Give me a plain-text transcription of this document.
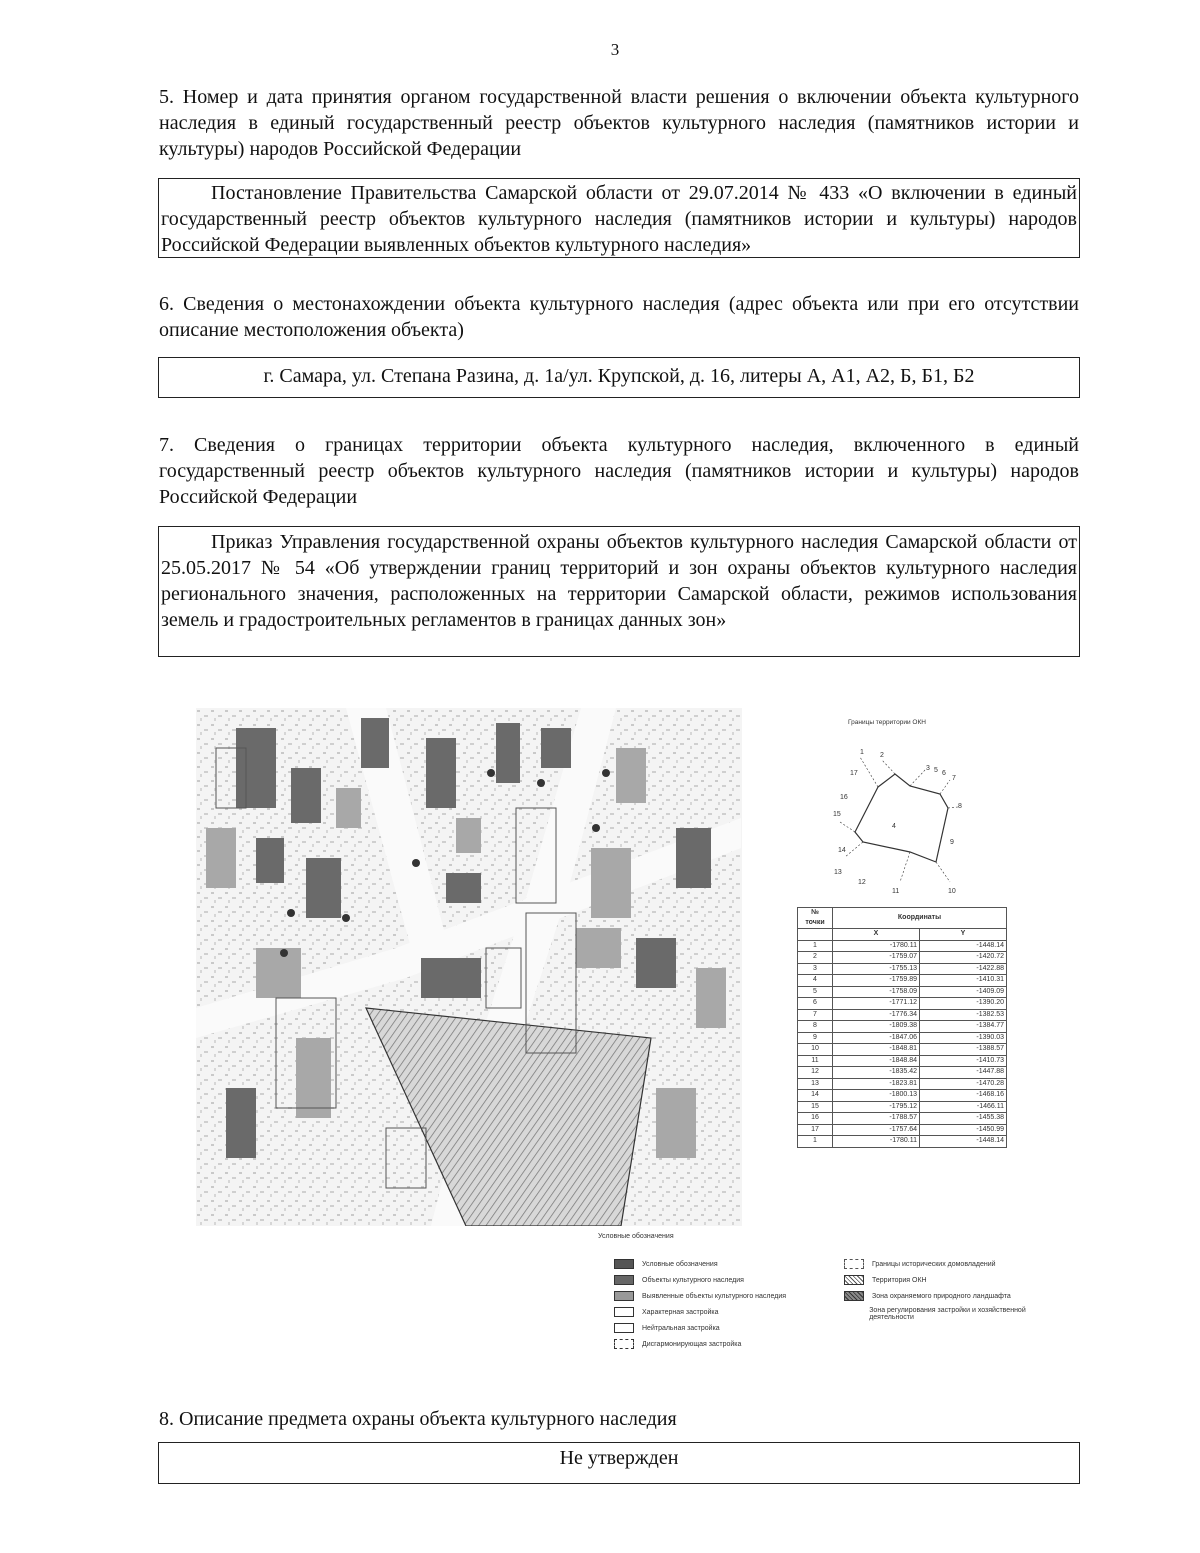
3
5. Номер и дата принятия органом государственной власти решения о включении объекта культурного наследия в единый государственный реестр объектов культурного наследия (памятников истории и культуры) народов Российской Федерации
Постановление Правительства Самарской области от 29.07.2014 № 433 «О включении в единый государственный реестр объектов культурного наследия (памятников истории и культуры) народов Российской Федерации выявленных объектов культурного наследия»
6. Сведения о местонахождении объекта культурного наследия (адрес объекта или при его отсутствии описание местоположения объекта)
г. Самара, ул. Степана Разина, д. 1а/ул. Крупской, д. 16, литеры А, А1, А2, Б, Б1, Б2
7. Сведения о границах территории объекта культурного наследия, включенного в единый государственный реестр объектов культурного наследия (памятников истории и культуры) народов Российской Федерации
Приказ Управления государственной охраны объектов культурного наследия Самарской области от 25.05.2017 № 54 «Об утверждении границ территорий и зон охраны объектов культурного наследия регионального значения, расположенных на территории Самарской области, режимов использования земель и градостроительных регламентов в границах данных зон»
Границы территории ОКН
1 2
3 5 6
7
8
9
10
11
12
13
14
15
16
17
4
№
точки	Координаты	
	X	Y
1	-1780.11	-1448.14
2	-1759.07	-1420.72
3	-1755.13	-1422.88
4	-1759.89	-1410.31
5	-1758.09	-1409.09
6	-1771.12	-1390.20
7	-1776.34	-1382.53
8	-1809.38	-1384.77
9	-1847.06	-1390.03
10	-1848.81	-1388.57
11	-1848.84	-1410.73
12	-1835.42	-1447.88
13	-1823.81	-1470.28
14	-1800.13	-1468.16
15	-1795.12	-1466.11
16	-1788.57	-1455.38
17	-1757.64	-1450.99
1	-1780.11	-1448.14
Условные обозначения
Условные обозначения
Объекты культурного наследия
Выявленные объекты культурного наследия
Характерная застройка
Нейтральная застройка
Дисгармонирующая застройка
Границы исторических домовладений
Территория ОКН
Зона охраняемого природного ландшафта
Зона регулирования застройки и хозяйственной деятельности
8. Описание предмета охраны объекта культурного наследия
Не утвержден
